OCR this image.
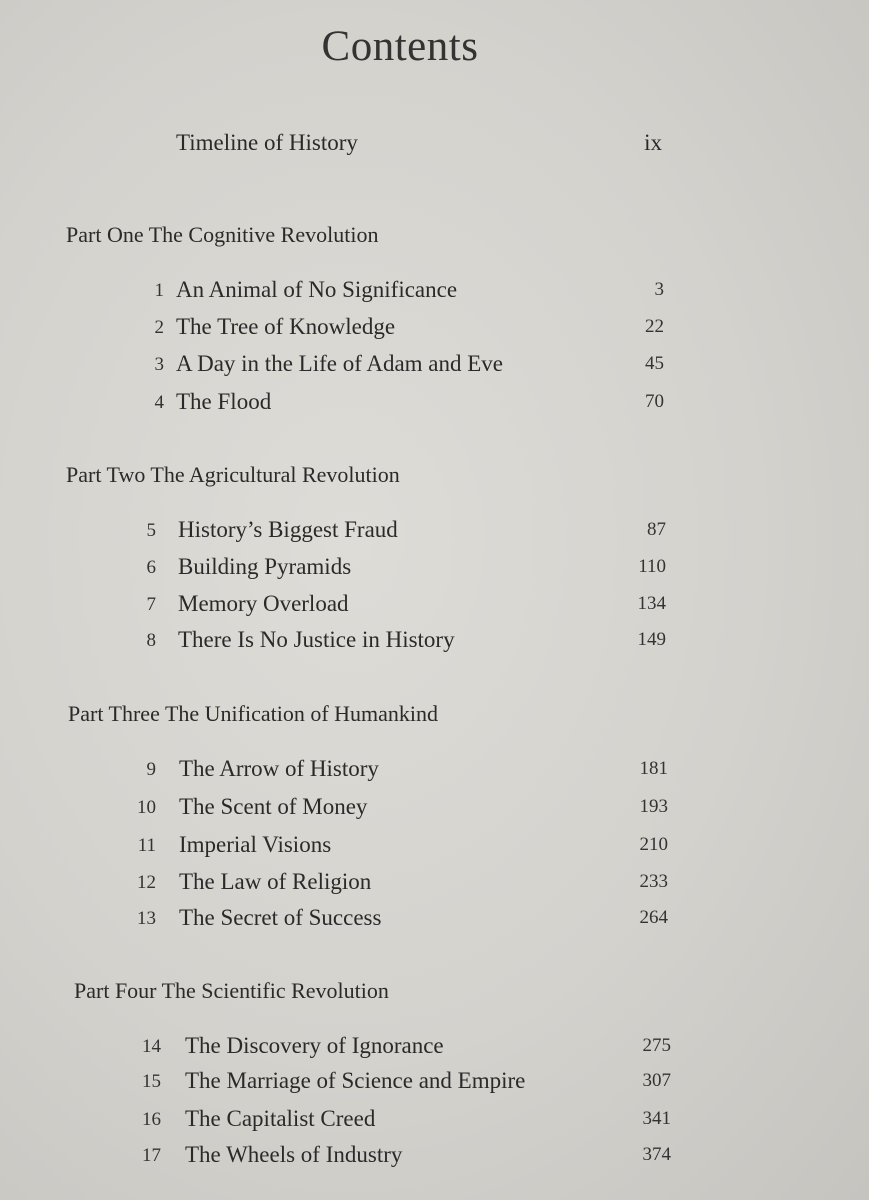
Contents
Timeline of History	ix
Part One The Cognitive Revolution
1 An Animal of No Significance	3
2 The Tree of Knowledge	22
3 A Day in the Life of Adam and Eve	45
4 The Flood	70
Part Two The Agricultural Revolution
5 History’s Biggest Fraud	87
6 Building Pyramids	110
7 Memory Overload	134
8 There Is No Justice in History	149
Part Three The Unification of Humankind
9 The Arrow of History	181
10 The Scent of Money	193
11 Imperial Visions	210
12 The Law of Religion	233
13 The Secret of Success	264
Part Four The Scientific Revolution
14 The Discovery of Ignorance	275
15 The Marriage of Science and Empire	307
16 The Capitalist Creed	341
17 The Wheels of Industry	374
